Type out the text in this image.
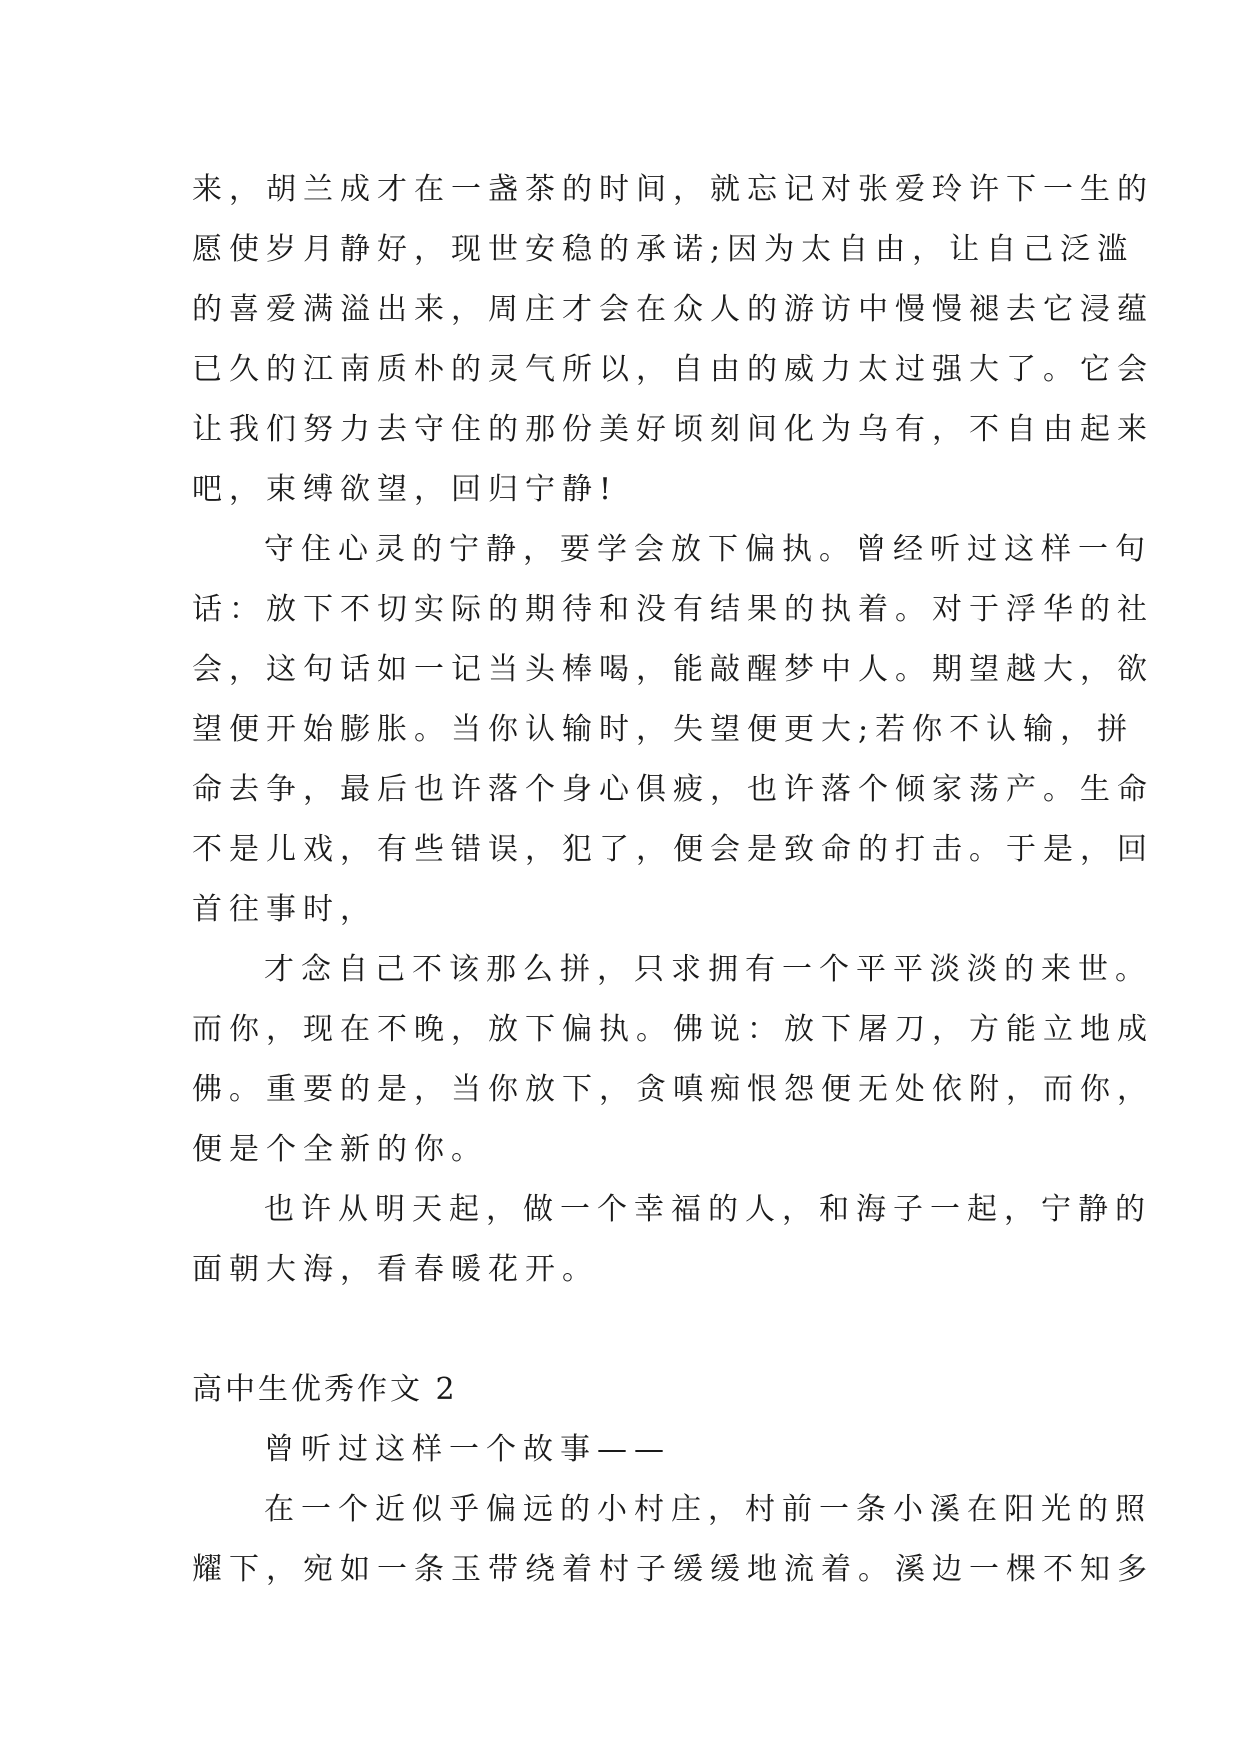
来，胡兰成才在一盏茶的时间，就忘记对张爱玲许下一生的
愿使岁月静好，现世安稳的承诺;因为太自由，让自己泛滥
的喜爱满溢出来，周庄才会在众人的游访中慢慢褪去它浸蕴
已久的江南质朴的灵气所以，自由的威力太过强大了。它会
让我们努力去守住的那份美好顷刻间化为乌有，不自由起来
吧，束缚欲望，回归宁静!
守住心灵的宁静，要学会放下偏执。曾经听过这样一句
话：放下不切实际的期待和没有结果的执着。对于浮华的社
会，这句话如一记当头棒喝，能敲醒梦中人。期望越大，欲
望便开始膨胀。当你认输时，失望便更大;若你不认输，拼
命去争，最后也许落个身心俱疲，也许落个倾家荡产。生命
不是儿戏，有些错误，犯了，便会是致命的打击。于是，回
首往事时，
才念自己不该那么拼，只求拥有一个平平淡淡的来世。
而你，现在不晚，放下偏执。佛说：放下屠刀，方能立地成
佛。重要的是，当你放下，贪嗔痴恨怨便无处依附，而你，
便是个全新的你。
也许从明天起，做一个幸福的人，和海子一起，宁静的
面朝大海，看春暖花开。
高中生优秀作文 2
曾听过这样一个故事——
在一个近似乎偏远的小村庄，村前一条小溪在阳光的照
耀下，宛如一条玉带绕着村子缓缓地流着。溪边一棵不知多
